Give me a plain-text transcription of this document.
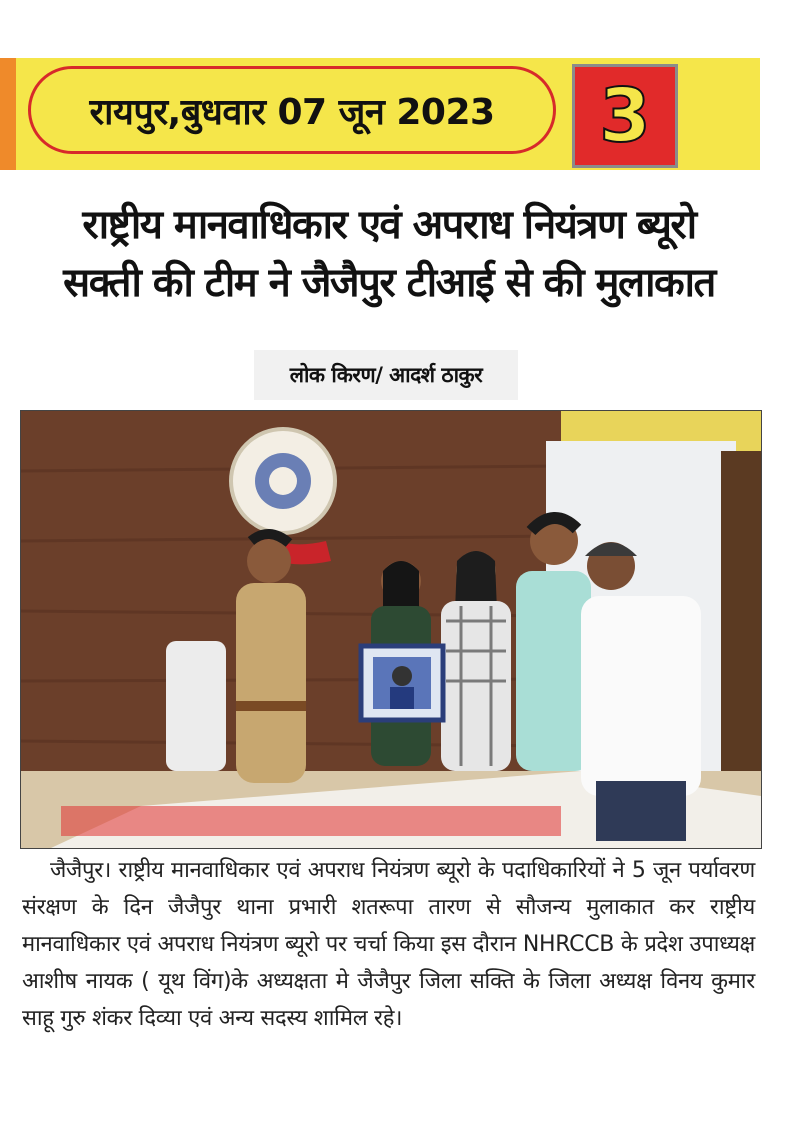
रायपुर,बुधवार 07 जून 2023 3
राष्ट्रीय मानवाधिकार एवं अपराध नियंत्रण ब्यूरो
सक्ती की टीम ने जैजैपुर टीआई से की मुलाकात
लोक किरण/ आदर्श ठाकुर

जैजैपुर। राष्ट्रीय मानवाधिकार एवं अपराध नियंत्रण ब्यूरो के पदाधिकारियों ने 5 जून पर्यावरण संरक्षण के दिन जैजैपुर थाना प्रभारी शतरूपा तारण से सौजन्य मुलाकात कर राष्ट्रीय मानवाधिकार एवं अपराध नियंत्रण ब्यूरो पर चर्चा किया इस दौरान NHRCCB के प्रदेश उपाध्यक्ष आशीष नायक ( यूथ विंग)के अध्यक्षता मे जैजैपुर जिला सक्ति के जिला अध्यक्ष विनय कुमार साहू गुरु शंकर दिव्या एवं अन्य सदस्य शामिल रहे।
